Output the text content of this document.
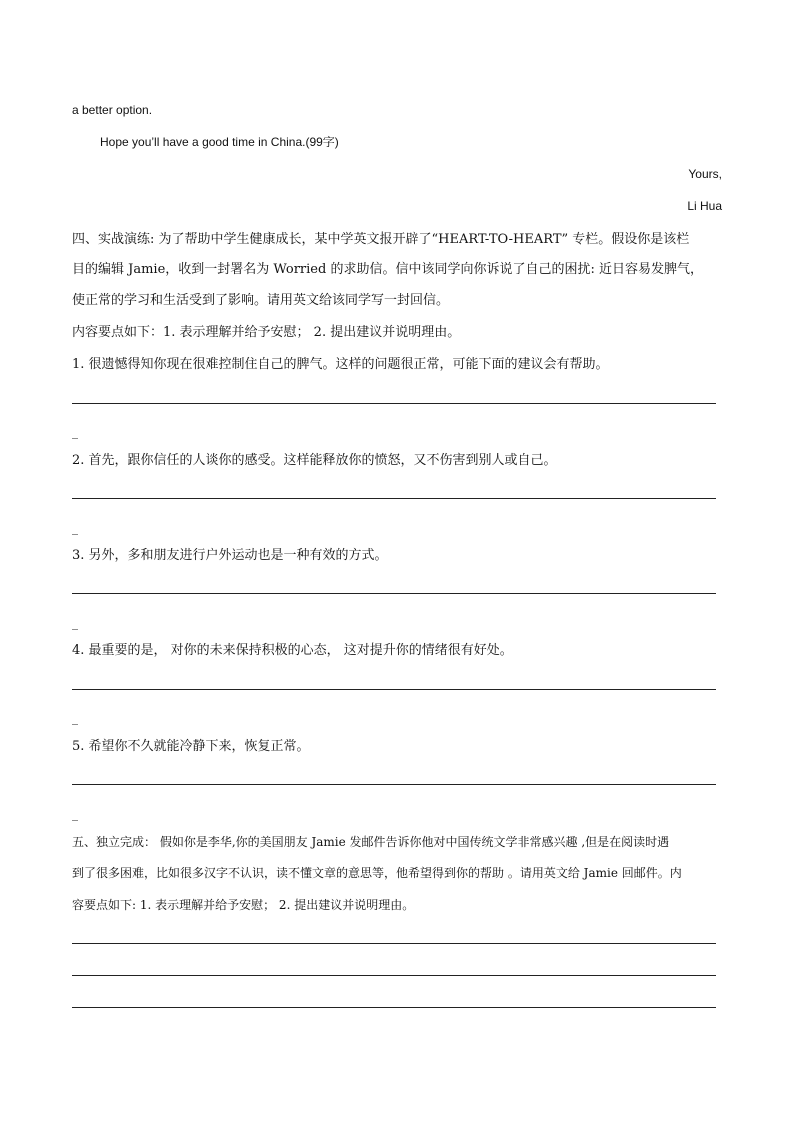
a better option.
Hope you’ll have a good time in China.(99字)
Yours,
Li Hua
四、实战演练: 为了帮助中学生健康成长，某中学英文报开辟了“HEART-TO-HEART” 专栏。假设你是该栏
目的编辑 Jamie，收到一封署名为 Worried 的求助信。信中该同学向你诉说了自己的困扰: 近日容易发脾气，
使正常的学习和生活受到了影响。请用英文给该同学写一封回信。
内容要点如下：1. 表示理解并给予安慰； 2. 提出建议并说明理由。
1. 很遗憾得知你现在很难控制住自己的脾气。这样的问题很正常，可能下面的建议会有帮助。
_
2. 首先，跟你信任的人谈你的感受。这样能释放你的愤怒，又不伤害到别人或自己。
_
3. 另外，多和朋友进行户外运动也是一种有效的方式。
_
4. 最重要的是， 对你的未来保持积极的心态， 这对提升你的情绪很有好处。
_
5. 希望你不久就能冷静下来，恢复正常。
_
五、独立完成： 假如你是李华,你的美国朋友 Jamie 发邮件告诉你他对中国传统文学非常感兴趣 ,但是在阅读时遇
到了很多困难，比如很多汉字不认识，读不懂文章的意思等，他希望得到你的帮助 。请用英文给 Jamie 回邮件。内
容要点如下: 1. 表示理解并给予安慰； 2. 提出建议并说明理由。
